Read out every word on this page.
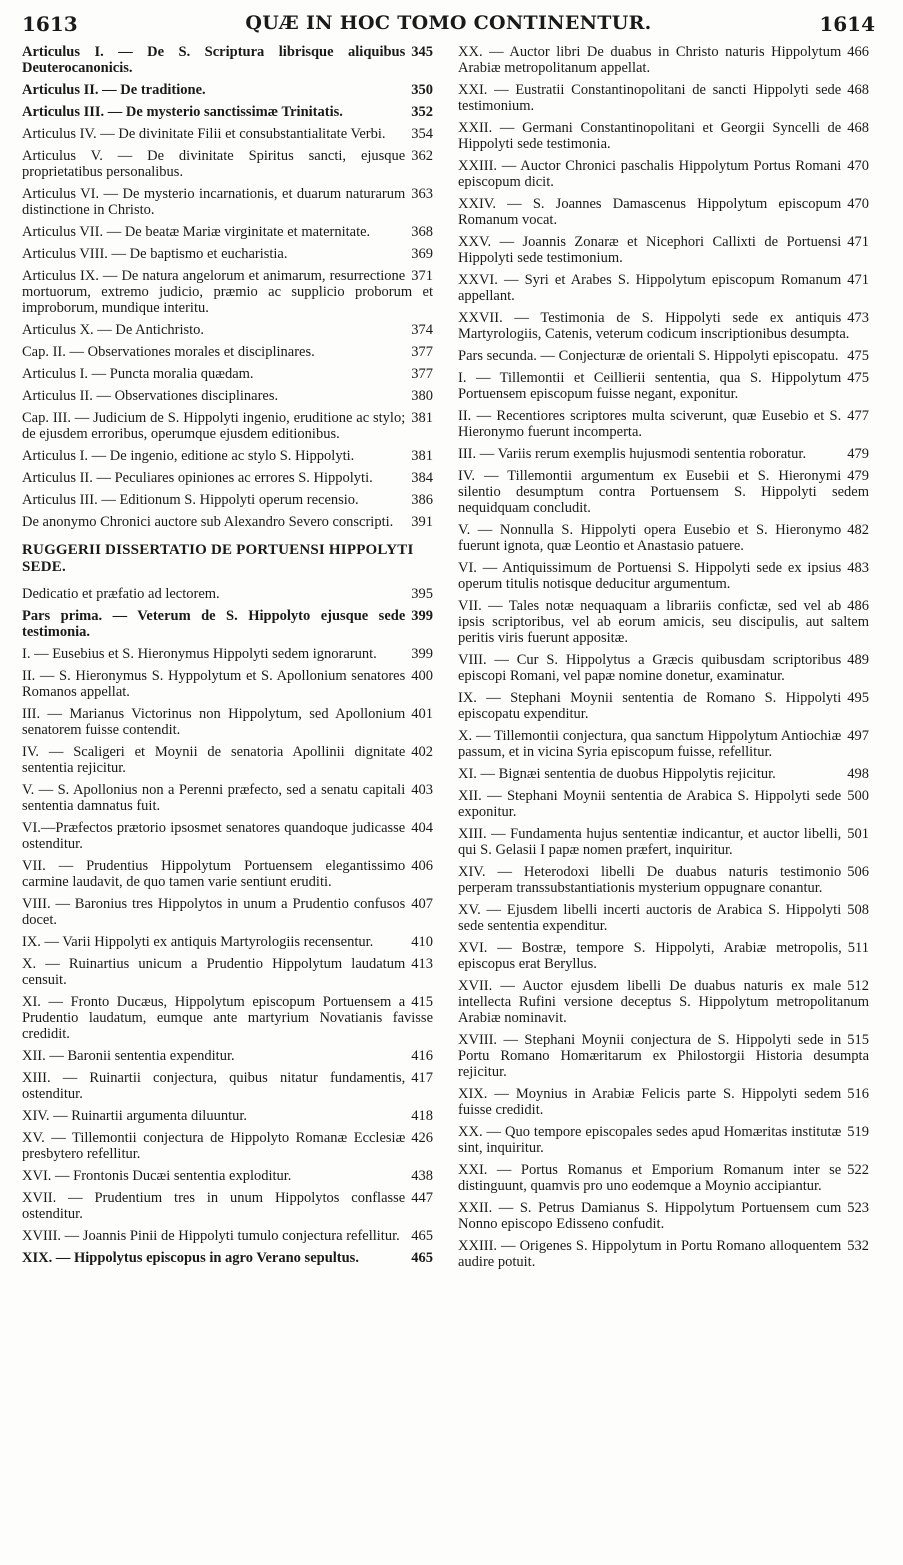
1613	QUÆ IN HOC TOMO CONTINENTUR.	1614
345
Articulus I. — De S. Scriptura librisque aliquibus Deuterocanonicis.
350
Articulus II. — De traditione.
352
Articulus III. — De mysterio sanctissimæ Trinitatis.
354
Articulus IV. — De divinitate Filii et consubstantialitate Verbi.
362
Articulus V. — De divinitate Spiritus sancti, ejusque proprietatibus personalibus.
363
Articulus VI. — De mysterio incarnationis, et duarum naturarum distinctione in Christo.
368
Articulus VII. — De beatæ Mariæ virginitate et maternitate.
369
Articulus VIII. — De baptismo et eucharistia.
371
Articulus IX. — De natura angelorum et animarum, resurrectione mortuorum, extremo judicio, præmio ac supplicio proborum et improborum, mundique interitu.
374
Articulus X. — De Antichristo.
377
Cap. II. — Observationes morales et disciplinares.
377
Articulus I. — Puncta moralia quædam.
380
Articulus II. — Observationes disciplinares.
381
Cap. III. — Judicium de S. Hippolyti ingenio, eruditione ac stylo; de ejusdem erroribus, operumque ejusdem editionibus.
381
Articulus I. — De ingenio, editione ac stylo S. Hippolyti.
384
Articulus II. — Peculiares opiniones ac errores S. Hippolyti.
386
Articulus III. — Editionum S. Hippolyti operum recensio.
391
De anonymo Chronici auctore sub Alexandro Severo conscripti.
RUGGERII DISSERTATIO DE PORTUENSI HIPPOLYTI SEDE.
395
Dedicatio et præfatio ad lectorem.
399
Pars prima. — Veterum de S. Hippolyto ejusque sede testimonia.
399
I. — Eusebius et S. Hieronymus Hippolyti sedem ignorarunt.
400
II. — S. Hieronymus S. Hyppolytum et S. Apollonium senatores Romanos appellat.
401
III. — Marianus Victorinus non Hippolytum, sed Apollonium senatorem fuisse contendit.
402
IV. — Scaligeri et Moynii de senatoria Apollinii dignitate sententia rejicitur.
403
V. — S. Apollonius non a Perenni præfecto, sed a senatu capitali sententia damnatus fuit.
404
VI.—Præfectos prætorio ipsosmet senatores quandoque judicasse ostenditur.
406
VII. — Prudentius Hippolytum Portuensem elegantissimo carmine laudavit, de quo tamen varie sentiunt eruditi.
407
VIII. — Baronius tres Hippolytos in unum a Prudentio confusos docet.
410
IX. — Varii Hippolyti ex antiquis Martyrologiis recensentur.
413
X. — Ruinartius unicum a Prudentio Hippolytum laudatum censuit.
415
XI. — Fronto Ducæus, Hippolytum episcopum Portuensem a Prudentio laudatum, eumque ante martyrium Novatianis favisse credidit.
416
XII. — Baronii sententia expenditur.
417
XIII. — Ruinartii conjectura, quibus nitatur fundamentis, ostenditur.
418
XIV. — Ruinartii argumenta diluuntur.
426
XV. — Tillemontii conjectura de Hippolyto Romanæ Ecclesiæ presbytero refellitur.
438
XVI. — Frontonis Ducæi sententia exploditur.
447
XVII. — Prudentium tres in unum Hippolytos conflasse ostenditur.
465
XVIII. — Joannis Pinii de Hippolyti tumulo conjectura refellitur.
465
XIX. — Hippolytus episcopus in agro Verano sepultus.
466
XX. — Auctor libri De duabus in Christo naturis Hippolytum Arabiæ metropolitanum appellat.
468
XXI. — Eustratii Constantinopolitani de sancti Hippolyti sede testimonium.
468
XXII. — Germani Constantinopolitani et Georgii Syncelli de Hippolyti sede testimonia.
470
XXIII. — Auctor Chronici paschalis Hippolytum Portus Romani episcopum dicit.
470
XXIV. — S. Joannes Damascenus Hippolytum episcopum Romanum vocat.
471
XXV. — Joannis Zonaræ et Nicephori Callixti de Portuensi Hippolyti sede testimonium.
471
XXVI. — Syri et Arabes S. Hippolytum episcopum Romanum appellant.
473
XXVII. — Testimonia de S. Hippolyti sede ex antiquis Martyrologiis, Catenis, veterum codicum inscriptionibus desumpta.
475
Pars secunda. — Conjecturæ de orientali S. Hippolyti episcopatu.
475
I. — Tillemontii et Ceillierii sententia, qua S. Hippolytum Portuensem episcopum fuisse negant, exponitur.
477
II. — Recentiores scriptores multa sciverunt, quæ Eusebio et S. Hieronymo fuerunt incomperta.
479
III. — Variis rerum exemplis hujusmodi sententia roboratur.
479
IV. — Tillemontii argumentum ex Eusebii et S. Hieronymi silentio desumptum contra Portuensem S. Hippolyti sedem nequidquam concludit.
482
V. — Nonnulla S. Hippolyti opera Eusebio et S. Hieronymo fuerunt ignota, quæ Leontio et Anastasio patuere.
483
VI. — Antiquissimum de Portuensi S. Hippolyti sede ex ipsius operum titulis notisque deducitur argumentum.
486
VII. — Tales notæ nequaquam a librariis confictæ, sed vel ab ipsis scriptoribus, vel ab eorum amicis, seu discipulis, aut saltem peritis viris fuerunt appositæ.
489
VIII. — Cur S. Hippolytus a Græcis quibusdam scriptoribus episcopi Romani, vel papæ nomine donetur, examinatur.
495
IX. — Stephani Moynii sententia de Romano S. Hippolyti episcopatu expenditur.
497
X. — Tillemontii conjectura, qua sanctum Hippolytum Antiochiæ passum, et in vicina Syria episcopum fuisse, refellitur.
498
XI. — Bignæi sententia de duobus Hippolytis rejicitur.
500
XII. — Stephani Moynii sententia de Arabica S. Hippolyti sede exponitur.
501
XIII. — Fundamenta hujus sententiæ indicantur, et auctor libelli, qui S. Gelasii I papæ nomen præfert, inquiritur.
506
XIV. — Heterodoxi libelli De duabus naturis testimonio perperam transsubstantiationis mysterium oppugnare conantur.
508
XV. — Ejusdem libelli incerti auctoris de Arabica S. Hippolyti sede sententia expenditur.
511
XVI. — Bostræ, tempore S. Hippolyti, Arabiæ metropolis, episcopus erat Beryllus.
512
XVII. — Auctor ejusdem libelli De duabus naturis ex male intellecta Rufini versione deceptus S. Hippolytum metropolitanum Arabiæ nominavit.
515
XVIII. — Stephani Moynii conjectura de S. Hippolyti sede in Portu Romano Homæritarum ex Philostorgii Historia desumpta rejicitur.
516
XIX. — Moynius in Arabiæ Felicis parte S. Hippolyti sedem fuisse credidit.
519
XX. — Quo tempore episcopales sedes apud Homæritas institutæ sint, inquiritur.
522
XXI. — Portus Romanus et Emporium Romanum inter se distinguunt, quamvis pro uno eodemque a Moynio accipiantur.
523
XXII. — S. Petrus Damianus S. Hippolytum Portuensem cum Nonno episcopo Edisseno confudit.
532
XXIII. — Origenes S. Hippolytum in Portu Romano alloquentem audire potuit.
